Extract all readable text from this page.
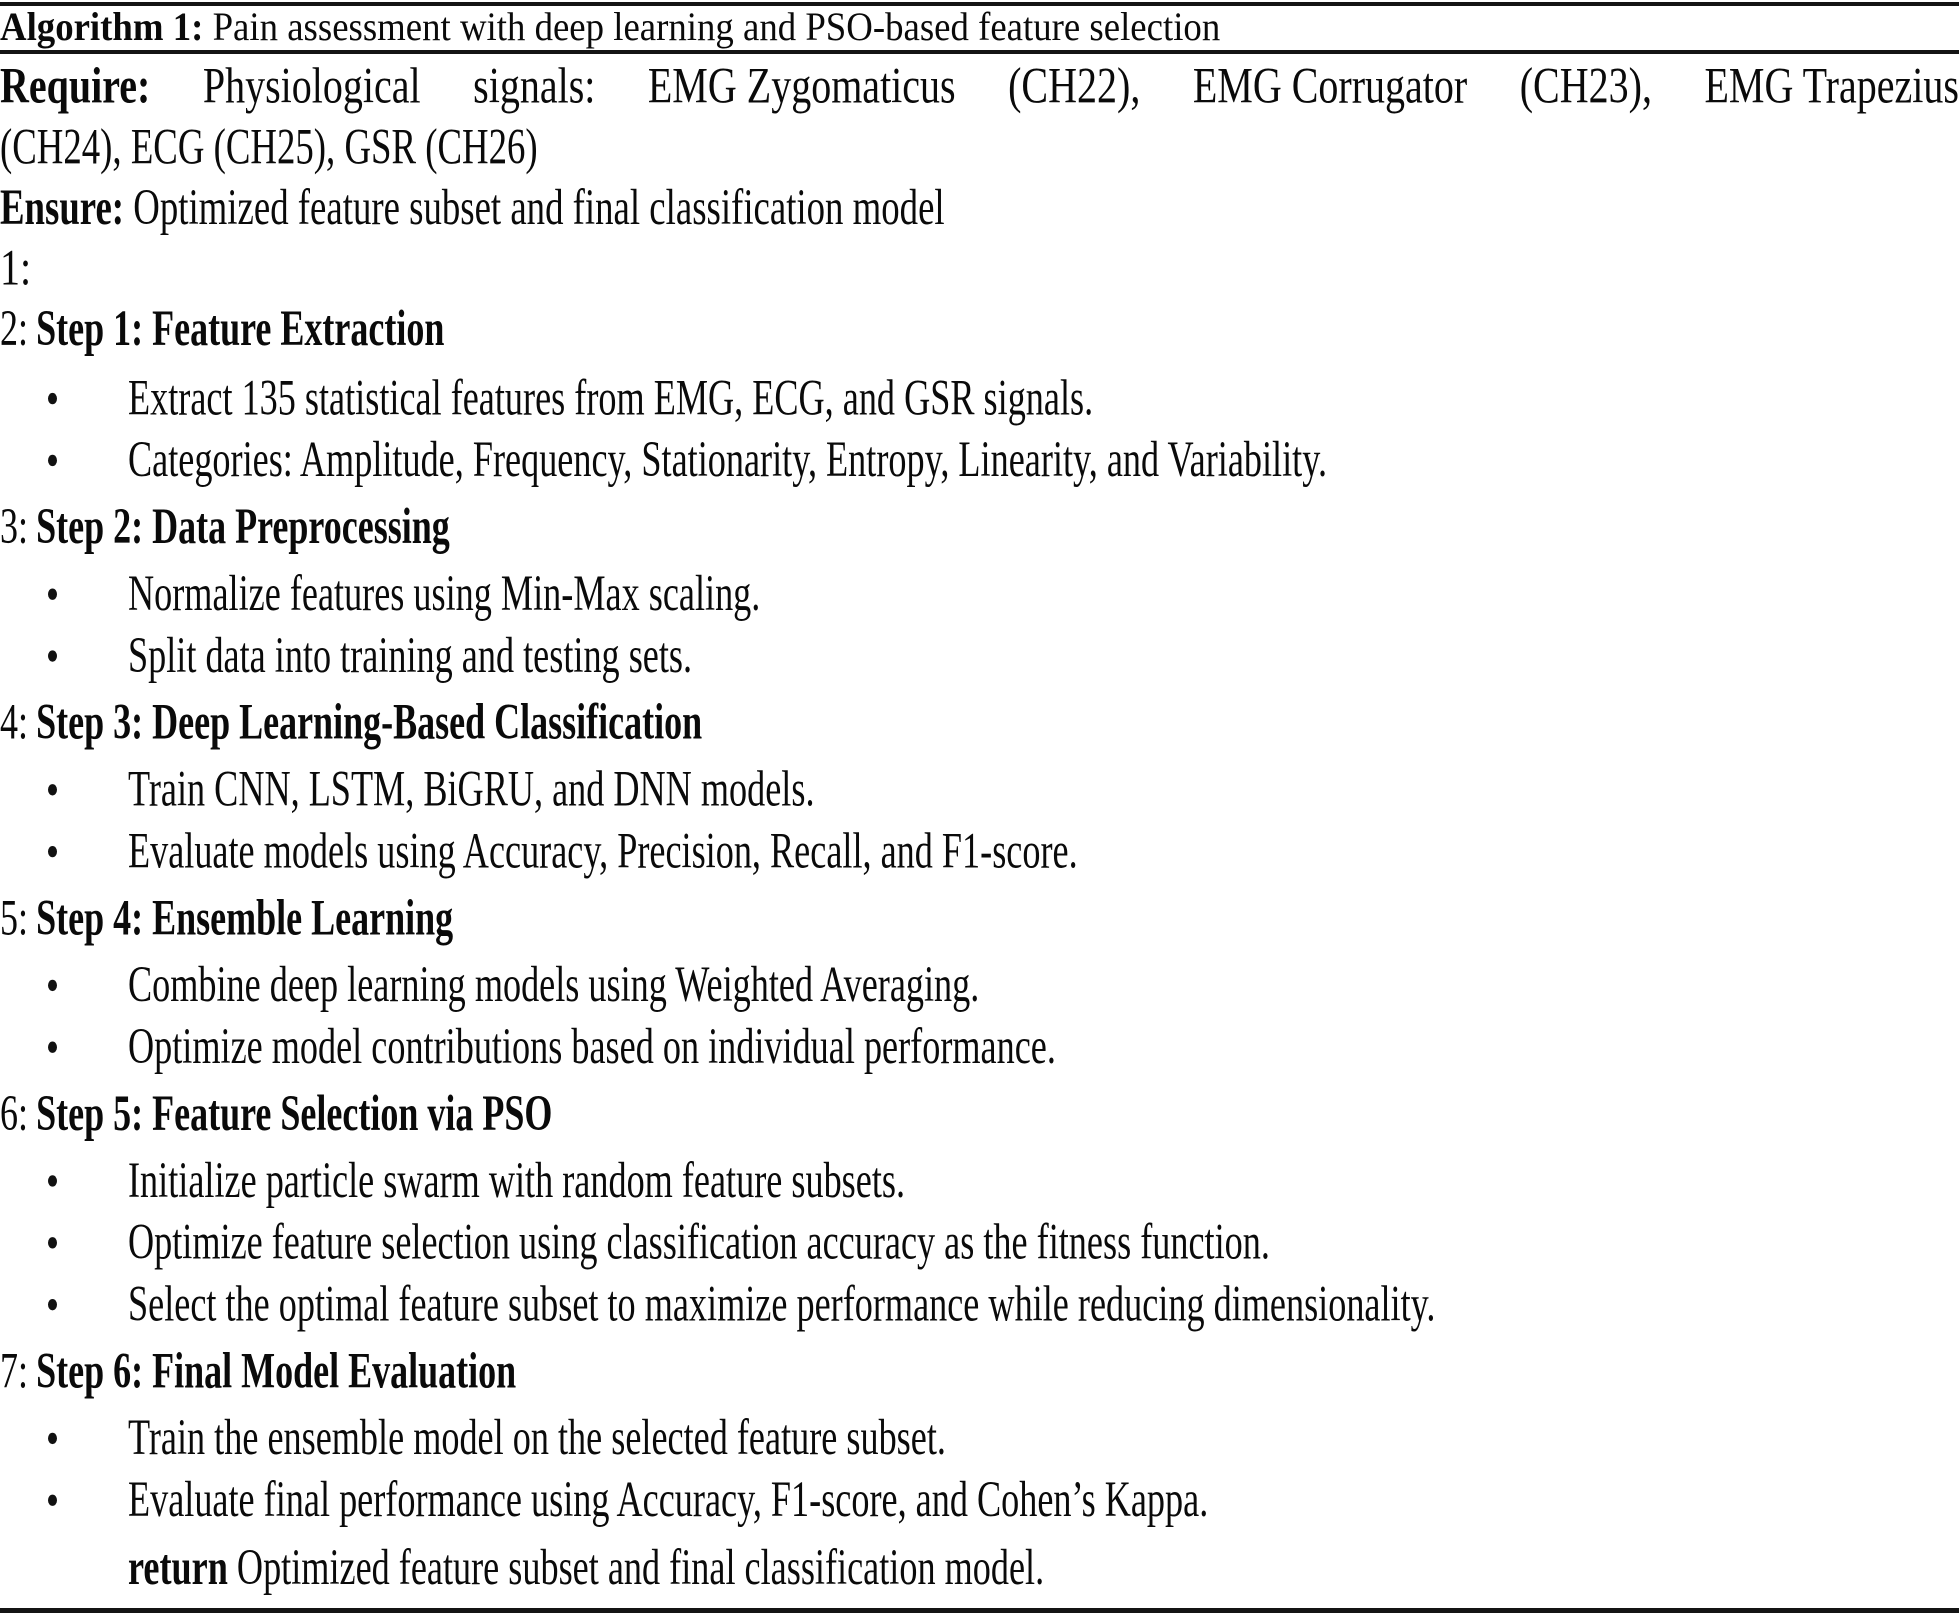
Algorithm 1: Pain assessment with deep learning and PSO-based feature selection
Require: Physiological signals: EMG Zygomaticus (CH22), EMG Corrugator (CH23), EMG Trapezius
(CH24), ECG (CH25), GSR (CH26)
Ensure: Optimized feature subset and final classification model
1:
2: Step 1: Feature Extraction
Extract 135 statistical features from EMG, ECG, and GSR signals.
Categories: Amplitude, Frequency, Stationarity, Entropy, Linearity, and Variability.
3: Step 2: Data Preprocessing
Normalize features using Min-Max scaling.
Split data into training and testing sets.
4: Step 3: Deep Learning-Based Classification
Train CNN, LSTM, BiGRU, and DNN models.
Evaluate models using Accuracy, Precision, Recall, and F1-score.
5: Step 4: Ensemble Learning
Combine deep learning models using Weighted Averaging.
Optimize model contributions based on individual performance.
6: Step 5: Feature Selection via PSO
Initialize particle swarm with random feature subsets.
Optimize feature selection using classification accuracy as the fitness function.
Select the optimal feature subset to maximize performance while reducing dimensionality.
7: Step 6: Final Model Evaluation
Train the ensemble model on the selected feature subset.
Evaluate final performance using Accuracy, F1-score, and Cohen’s Kappa.
return Optimized feature subset and final classification model.
